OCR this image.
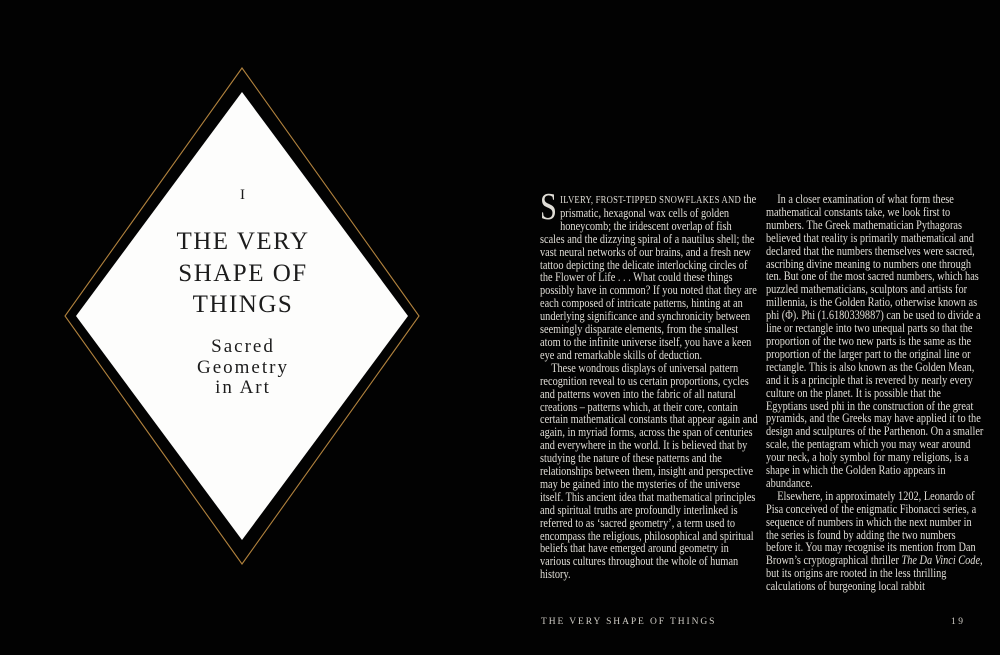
I
THE VERY
SHAPE OF
THINGS
Sacred
Geometry
in Art

SILVERY, FROST-TIPPED SNOWFLAKES AND the prismatic, hexagonal wax cells of golden honeycomb; the iridescent overlap of fish scales and the dizzying spiral of a nautilus shell; the vast neural networks of our brains, and a fresh new tattoo depicting the delicate interlocking circles of the Flower of Life . . . What could these things possibly have in common? If you noted that they are each composed of intricate patterns, hinting at an underlying significance and synchronicity between seemingly disparate elements, from the smallest atom to the infinite universe itself, you have a keen eye and remarkable skills of deduction.

These wondrous displays of universal pattern recognition reveal to us certain proportions, cycles and patterns woven into the fabric of all natural creations – patterns which, at their core, contain certain mathematical constants that appear again and again, in myriad forms, across the span of centuries and everywhere in the world. It is believed that by studying the nature of these patterns and the relationships between them, insight and perspective may be gained into the mysteries of the universe itself. This ancient idea that mathematical principles and spiritual truths are profoundly interlinked is referred to as ‘sacred geometry’, a term used to encompass the religious, philosophical and spiritual beliefs that have emerged around geometry in various cultures throughout the whole of human history.

In a closer examination of what form these mathematical constants take, we look first to numbers. The Greek mathematician Pythagoras believed that reality is primarily mathematical and declared that the numbers themselves were sacred, ascribing divine meaning to numbers one through ten. But one of the most sacred numbers, which has puzzled mathematicians, sculptors and artists for millennia, is the Golden Ratio, otherwise known as phi (Φ). Phi (1.6180339887) can be used to divide a line or rectangle into two unequal parts so that the proportion of the two new parts is the same as the proportion of the larger part to the original line or rectangle. This is also known as the Golden Mean, and it is a principle that is revered by nearly every culture on the planet. It is possible that the Egyptians used phi in the construction of the great pyramids, and the Greeks may have applied it to the design and sculptures of the Parthenon. On a smaller scale, the pentagram which you may wear around your neck, a holy symbol for many religions, is a shape in which the Golden Ratio appears in abundance.

Elsewhere, in approximately 1202, Leonardo of Pisa conceived of the enigmatic Fibonacci series, a sequence of numbers in which the next number in the series is found by adding the two numbers before it. You may recognise its mention from Dan Brown’s cryptographical thriller The Da Vinci Code, but its origins are rooted in the less thrilling calculations of burgeoning local rabbit

THE VERY SHAPE OF THINGS	19
